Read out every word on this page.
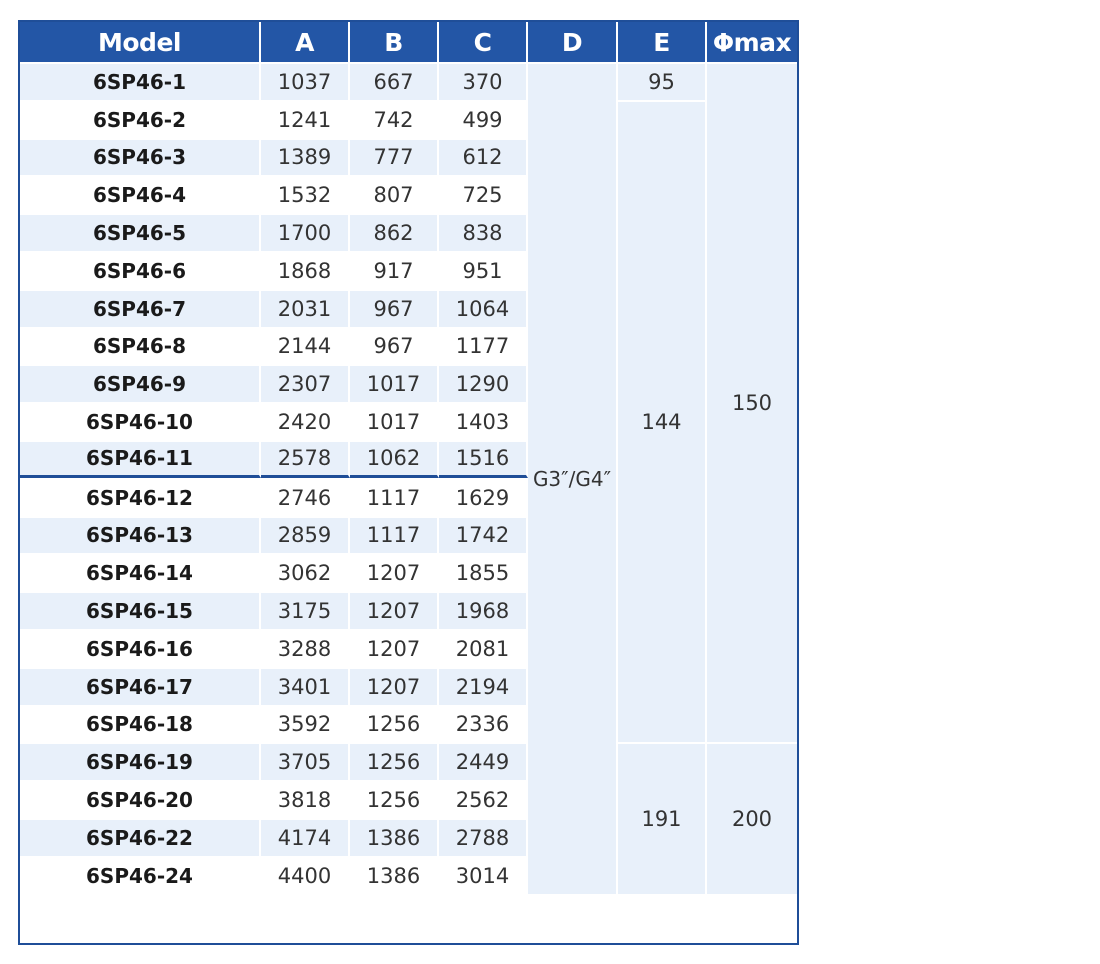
Model	A	B	C	D	E	Φmax
6SP46-1	1037	667	370	G3″/G4″	95	150
6SP46-2	1241	742	499		144	
6SP46-3	1389	777	612			
6SP46-4	1532	807	725			
6SP46-5	1700	862	838			
6SP46-6	1868	917	951			
6SP46-7	2031	967	1064			
6SP46-8	2144	967	1177			
6SP46-9	2307	1017	1290			
6SP46-10	2420	1017	1403			
6SP46-11	2578	1062	1516			
6SP46-12	2746	1117	1629			
6SP46-13	2859	1117	1742			
6SP46-14	3062	1207	1855			
6SP46-15	3175	1207	1968			
6SP46-16	3288	1207	2081			
6SP46-17	3401	1207	2194			
6SP46-18	3592	1256	2336			
6SP46-19	3705	1256	2449		191	200
6SP46-20	3818	1256	2562			
6SP46-22	4174	1386	2788			
6SP46-24	4400	1386	3014			
